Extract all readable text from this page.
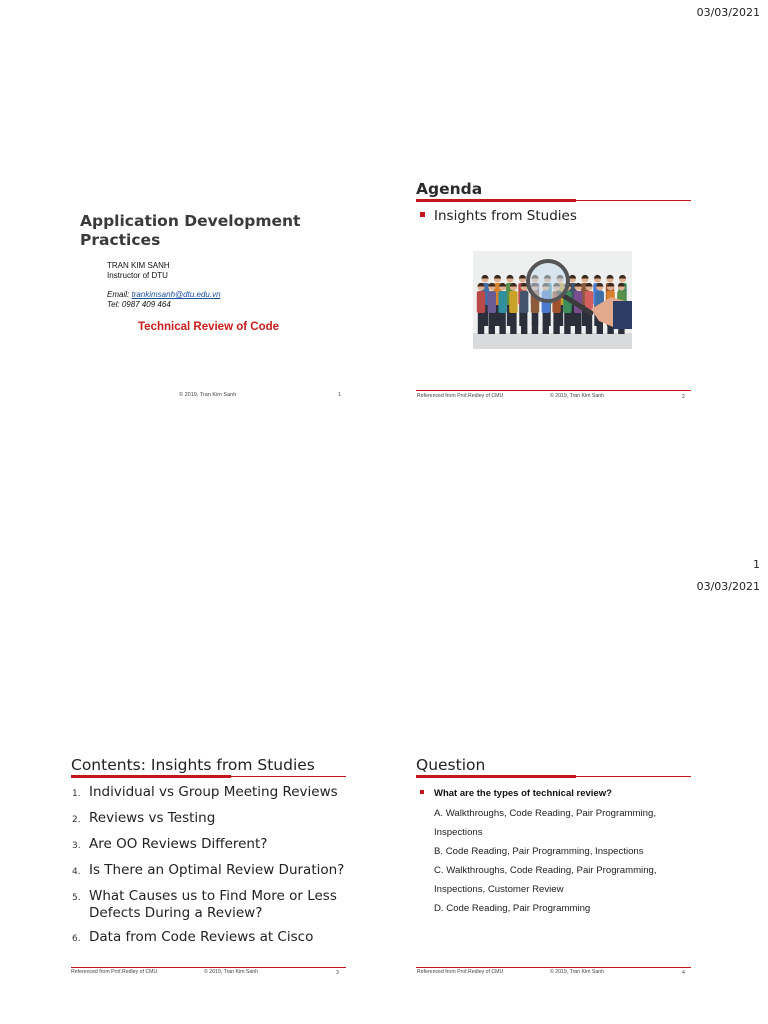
03/03/2021
Application Development Practices
TRAN KIM SANH
Instructor of DTU
Email: trankimsanh@dtu.edu.vn
Tel: 0987 409 464
Technical Review of Code
© 2019, Tran Kim Sanh	1
Agenda
Insights from Studies
Referenced from Prof.Redley of CMU	© 2019, Tran Kim Sanh	2
1
03/03/2021
Contents: Insights from Studies
1. Individual vs Group Meeting Reviews
2. Reviews vs Testing
3. Are OO Reviews Different?
4. Is There an Optimal Review Duration?
5. What Causes us to Find More or Less Defects During a Review?
6. Data from Code Reviews at Cisco
Referenced from Prof.Redley of CMU	© 2019, Tran Kim Sanh	3
Question
What are the types of technical review?
A. Walkthroughs, Code Reading, Pair Programming, Inspections
B. Code Reading, Pair Programming, Inspections
C. Walkthroughs, Code Reading, Pair Programming, Inspections, Customer Review
D. Code Reading, Pair Programming
Referenced from Prof.Redley of CMU	© 2019, Tran Kim Sanh	4
